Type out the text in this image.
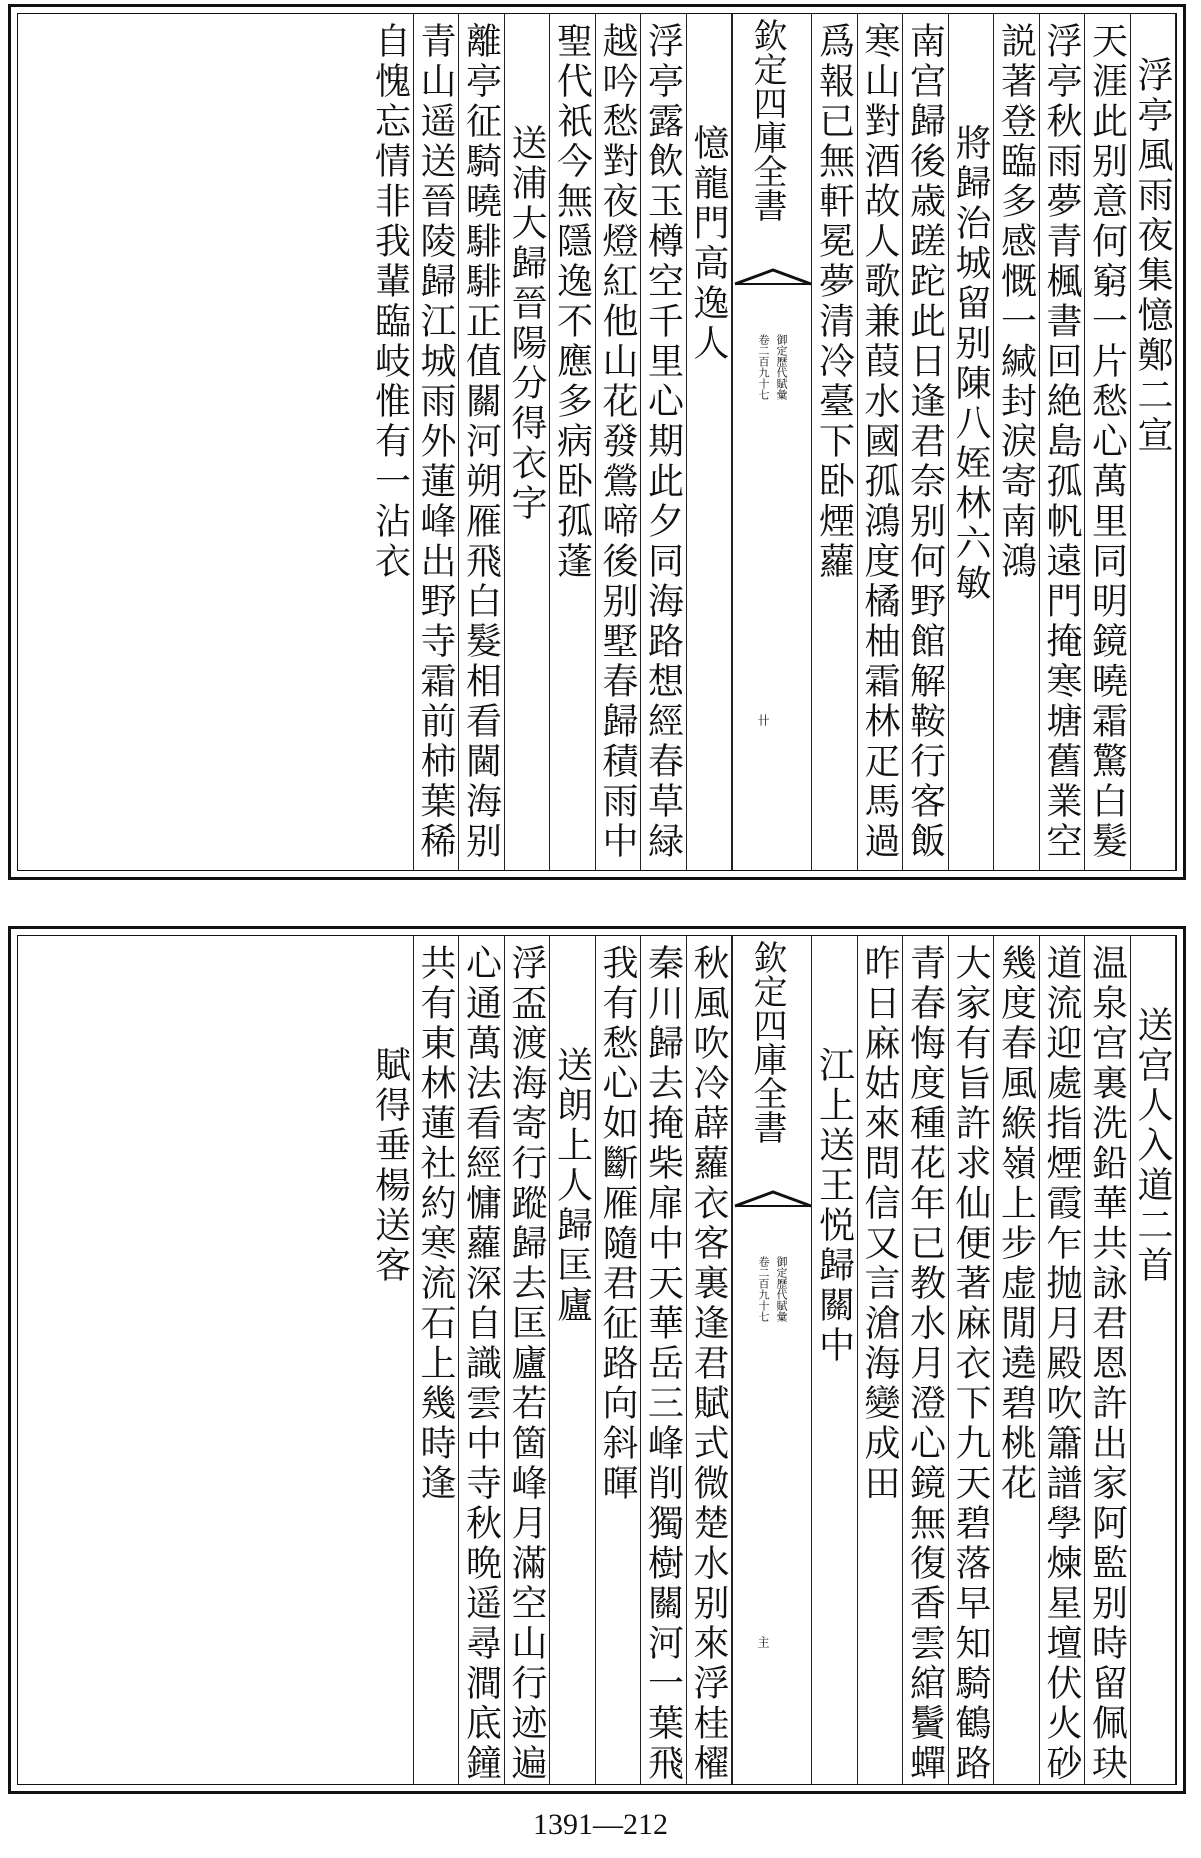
浮亭風雨夜集憶鄭二宣
天涯此别意何窮一片愁心萬里同明鏡曉霜驚白髮
浮亭秋雨夢青楓書回絶島孤帆遠門掩寒塘舊業空
説著登臨多感慨一緘封淚寄南鴻
將歸治城留别陳八姪林六敏
南宫歸後歳蹉跎此日逢君奈别何野館解鞍行客飯
寒山對酒故人歌兼葭水國孤鴻度橘柚霜林疋馬過
爲報已無軒冕夢清冷臺下卧煙蘿
欽定四庫全書
御定歷代賦彙
卷二百九十七
卄
憶龍門高逸人
浮亭露飲玉樽空千里心期此夕同海路想經春草緑
越吟愁對夜燈紅他山花發鶯啼後别墅春歸積雨中
聖代祇今無隱逸不應多病卧孤蓬
送浦大歸晉陽分得衣字
離亭征騎曉騑騑正值關河朔雁飛白髮相看閫海别
青山遥送晉陵歸江城雨外蓮峰出野寺霜前柿葉稀
自愧忘情非我輩臨岐惟有一沾衣
送宫人入道二首
温泉宫裏洗鉛華共詠君恩許出家阿監别時留佩玦
道流迎處指煙霞乍抛月殿吹簫譜學煉星壇伏火砂
幾度春風緱嶺上步虚閒遶碧桃花
大家有旨許求仙便著麻衣下九天碧落早知騎鶴路
青春悔度種花年已教水月澄心鏡無復香雲綰鬢蟬
昨日麻姑來問信又言滄海變成田
江上送王悦歸關中
欽定四庫全書
御定歷代賦彙
卷二百九十七
主
秋風吹冷薜蘿衣客裏逢君賦式微楚水别來浮桂櫂
秦川歸去掩柴扉中天華岳三峰削獨樹關河一葉飛
我有愁心如斷雁隨君征路向斜暉
送朗上人歸匡廬
浮盃渡海寄行蹤歸去匡廬若箇峰月滿空山行迹遍
心通萬法看經慵蘿深自識雲中寺秋晩遥尋澗底鐘
共有東林蓮社約寒流石上幾時逢
賦得垂楊送客
1391—212
